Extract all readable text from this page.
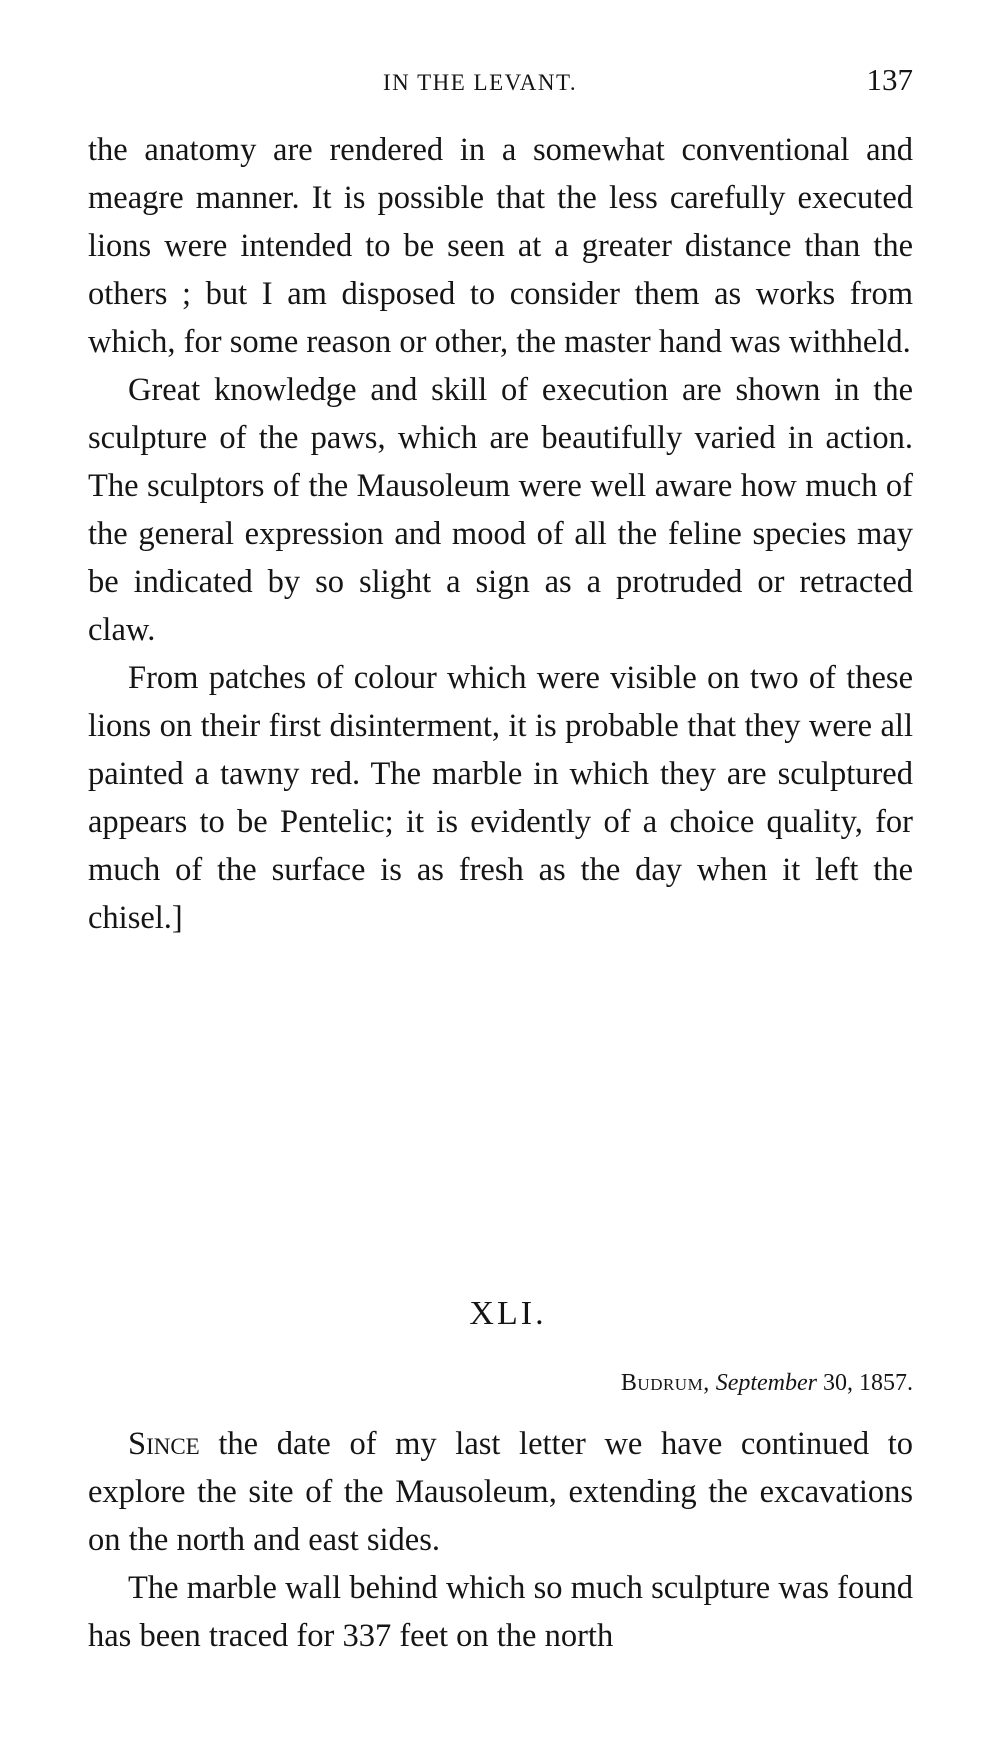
IN THE LEVANT.	137

the anatomy are rendered in a somewhat conventional and meagre manner. It is possible that the less carefully executed lions were intended to be seen at a greater distance than the others ; but I am disposed to consider them as works from which, for some reason or other, the master hand was withheld.

Great knowledge and skill of execution are shown in the sculpture of the paws, which are beautifully varied in action. The sculptors of the Mausoleum were well aware how much of the general expression and mood of all the feline species may be indicated by so slight a sign as a protruded or retracted claw.

From patches of colour which were visible on two of these lions on their first disinterment, it is probable that they were all painted a tawny red. The marble in which they are sculptured appears to be Pentelic; it is evidently of a choice quality, for much of the surface is as fresh as the day when it left the chisel.]

XLI.
Budrum, September 30, 1857.

Since the date of my last letter we have continued to explore the site of the Mausoleum, extending the excavations on the north and east sides.

The marble wall behind which so much sculpture was found has been traced for 337 feet on the north
